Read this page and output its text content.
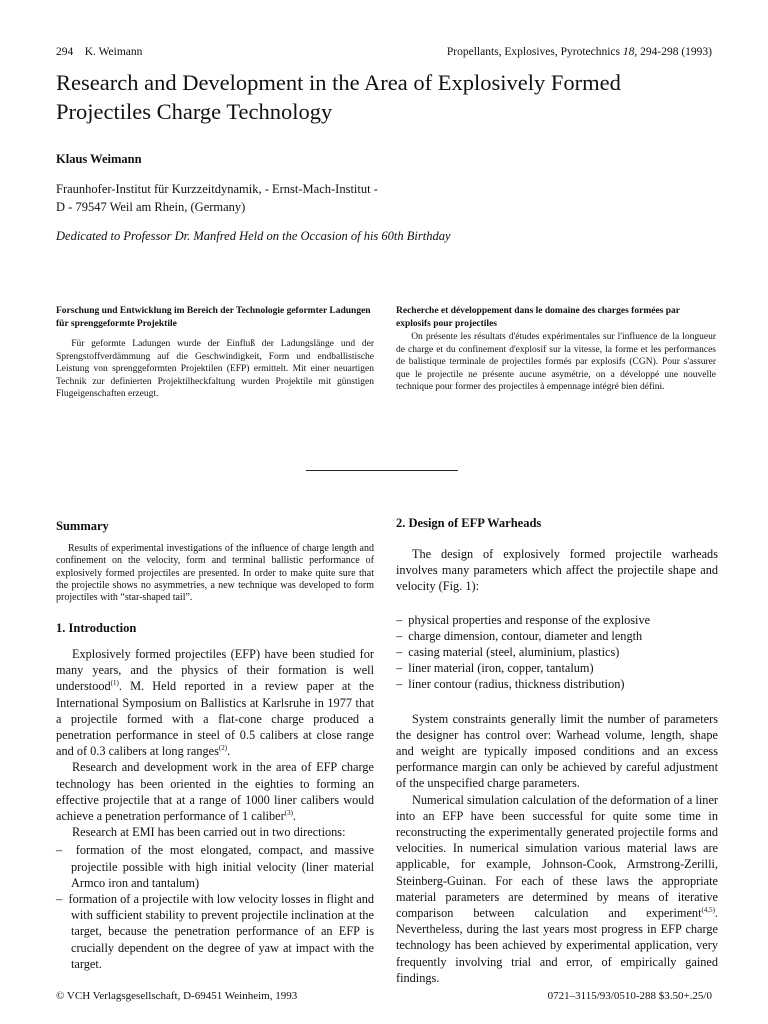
294 K. Weimann	Propellants, Explosives, Pyrotechnics 18, 294-298 (1993)
Research and Development in the Area of Explosively Formed Projectiles Charge Technology
Klaus Weimann
Fraunhofer-Institut für Kurzzeitdynamik, - Ernst-Mach-Institut -
D - 79547 Weil am Rhein, (Germany)
Dedicated to Professor Dr. Manfred Held on the Occasion of his 60th Birthday

Forschung und Entwicklung im Bereich der Technologie geformter Ladungen für sprenggeformte Projektile

Für geformte Ladungen wurde der Einfluß der Ladungslänge und der Sprengstoffverdämmung auf die Geschwindigkeit, Form und endballistische Leistung von sprenggeformten Projektilen (EFP) ermittelt. Mit einer neuartigen Technik zur definierten Projektilheckfaltung wurden Projektile mit günstigen Flugeigenschaften erzeugt.

Recherche et développement dans le domaine des charges formées par explosifs pour projectiles

On présente les résultats d'études expérimentales sur l'influence de la longueur de charge et du confinement d'explosif sur la vitesse, la forme et les performances de balistique terminale de projectiles formés par explosifs (CGN). Pour s'assurer que le projectile ne présente aucune asymétrie, on a développé une nouvelle technique pour former des projectiles à empennage intégré bien défini.

Summary

Results of experimental investigations of the influence of charge length and confinement on the velocity, form and terminal ballistic performance of explosively formed projectiles are presented. In order to make quite sure that the projectile shows no asymmetries, a new technique was developed to form projectiles with “star-shaped tail”.

1. Introduction

Explosively formed projectiles (EFP) have been studied for many years, and the physics of their formation is well understood$^{(1)}$. M. Held reported in a review paper at the International Symposium on Ballistics at Karlsruhe in 1977 that a projectile formed with a flat-cone charge produced a penetration performance in steel of 0.5 calibers at close range and of 0.3 calibers at long ranges$^{(2)}$.

Research and development work in the area of EFP charge technology has been oriented in the eighties to forming an effective projectile that at a range of 1000 liner calibers would achieve a penetration performance of 1 caliber$^{(3)}$.

Research at EMI has been carried out in two directions:

–  formation of the most elongated, compact, and massive projectile possible with high initial velocity (liner material Armco iron and tantalum)
–  formation of a projectile with low velocity losses in flight and with sufficient stability to prevent projectile inclination at the target, because the penetration performance of an EFP is crucially dependent on the degree of yaw at impact with the target.
2. Design of EFP Warheads

The design of explosively formed projectile warheads involves many parameters which affect the projectile shape and velocity (Fig. 1):

–  physical properties and response of the explosive
–  charge dimension, contour, diameter and length
–  casing material (steel, aluminium, plastics)
–  liner material (iron, copper, tantalum)
–  liner contour (radius, thickness distribution)

System constraints generally limit the number of parameters the designer has control over: Warhead volume, length, shape and weight are typically imposed conditions and an excess performance margin can only be achieved by careful adjustment of the unspecified charge parameters.

Numerical simulation calculation of the deformation of a liner into an EFP have been successful for quite some time in reconstructing the experimentally generated projectile forms and velocities. In numerical simulation various material laws are applicable, for example, Johnson-Cook, Armstrong-Zerilli, Steinberg-Guinan. For each of these laws the appropriate material parameters are determined by means of iterative comparison between calculation and experiment$^{(4,5)}$. Nevertheless, during the last years most progress in EFP charge technology has been achieved by experimental application, very frequently involving trial and error, of empirically gained findings.

© VCH Verlagsgesellschaft, D-69451 Weinheim, 1993	0721–3115/93/0510-288 $3.50+.25/0
